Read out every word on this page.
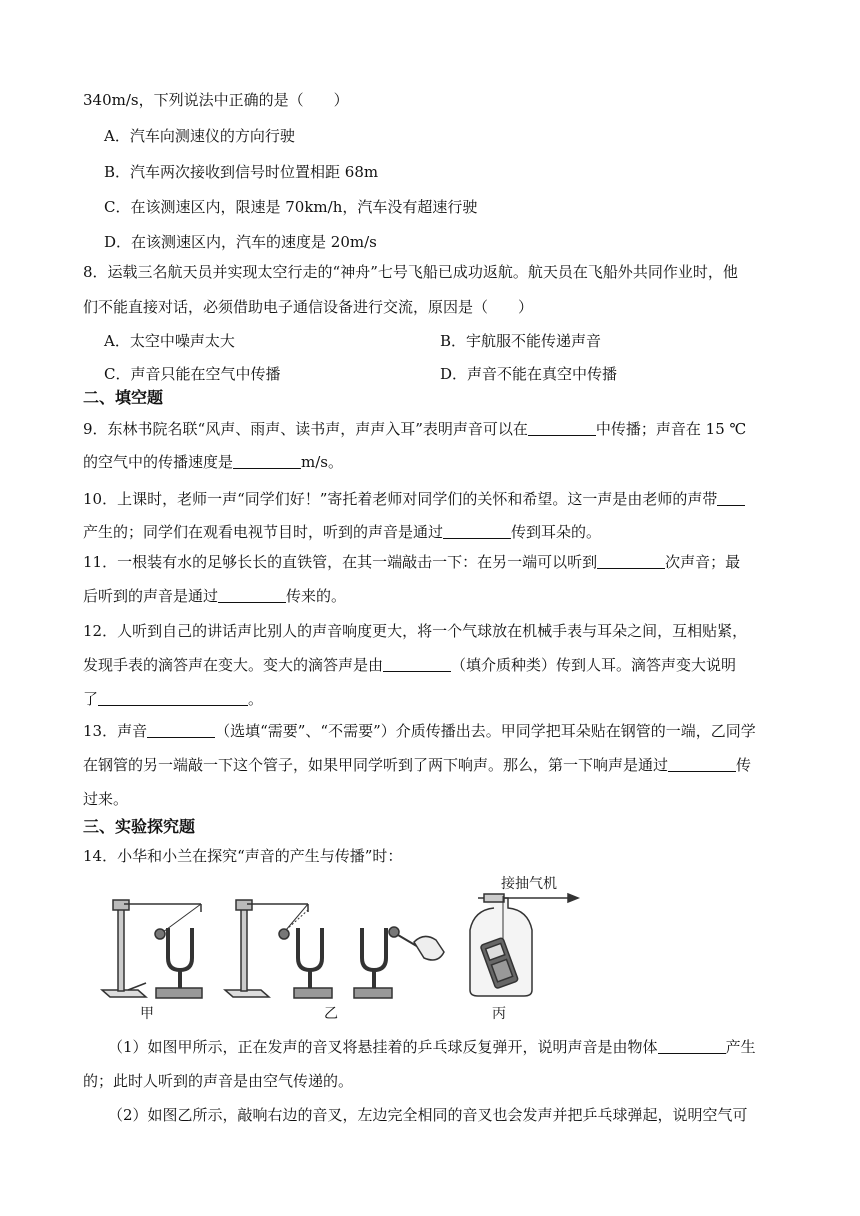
340m/s，下列说法中正确的是（　　）
A．汽车向测速仪的方向行驶
B．汽车两次接收到信号时位置相距 68m
C．在该测速区内，限速是 70km/h，汽车没有超速行驶
D．在该测速区内，汽车的速度是 20m/s
8．运载三名航天员并实现太空行走的“神舟”七号飞船已成功返航。航天员在飞船外共同作业时，他
们不能直接对话，必须借助电子通信设备进行交流，原因是（　　）
A．太空中噪声太大	B．宇航服不能传递声音
C．声音只能在空气中传播	D．声音不能在真空中传播
二、填空题
9．东林书院名联“风声、雨声、读书声，声声入耳”表明声音可以在	中传播；声音在 15 ℃
的空气中的传播速度是	m/s。
10．上课时，老师一声“同学们好！”寄托着老师对同学们的关怀和希望。这一声是由老师的声带
产生的；同学们在观看电视节目时，听到的声音是通过	传到耳朵的。
11．一根装有水的足够长长的直铁管，在其一端敲击一下：在另一端可以听到	次声音；最
后听到的声音是通过	传来的。
12．人听到自己的讲话声比别人的声音响度更大，将一个气球放在机械手表与耳朵之间，互相贴紧，
发现手表的滴答声在变大。变大的滴答声是由	（填介质种类）传到人耳。滴答声变大说明
了	。
13．声音	（选填“需要”、“不需要”）介质传播出去。甲同学把耳朵贴在钢管的一端，乙同学
在钢管的另一端敲一下这个管子，如果甲同学听到了两下响声。那么，第一下响声是通过	传
过来。
三、实验探究题
14．小华和小兰在探究“声音的产生与传播”时：
甲	乙	丙
接抽气机
（1）如图甲所示，正在发声的音叉将悬挂着的乒乓球反复弹开，说明声音是由物体	产生
的；此时人听到的声音是由空气传递的。
（2）如图乙所示，敲响右边的音叉，左边完全相同的音叉也会发声并把乒乓球弹起，说明空气可
